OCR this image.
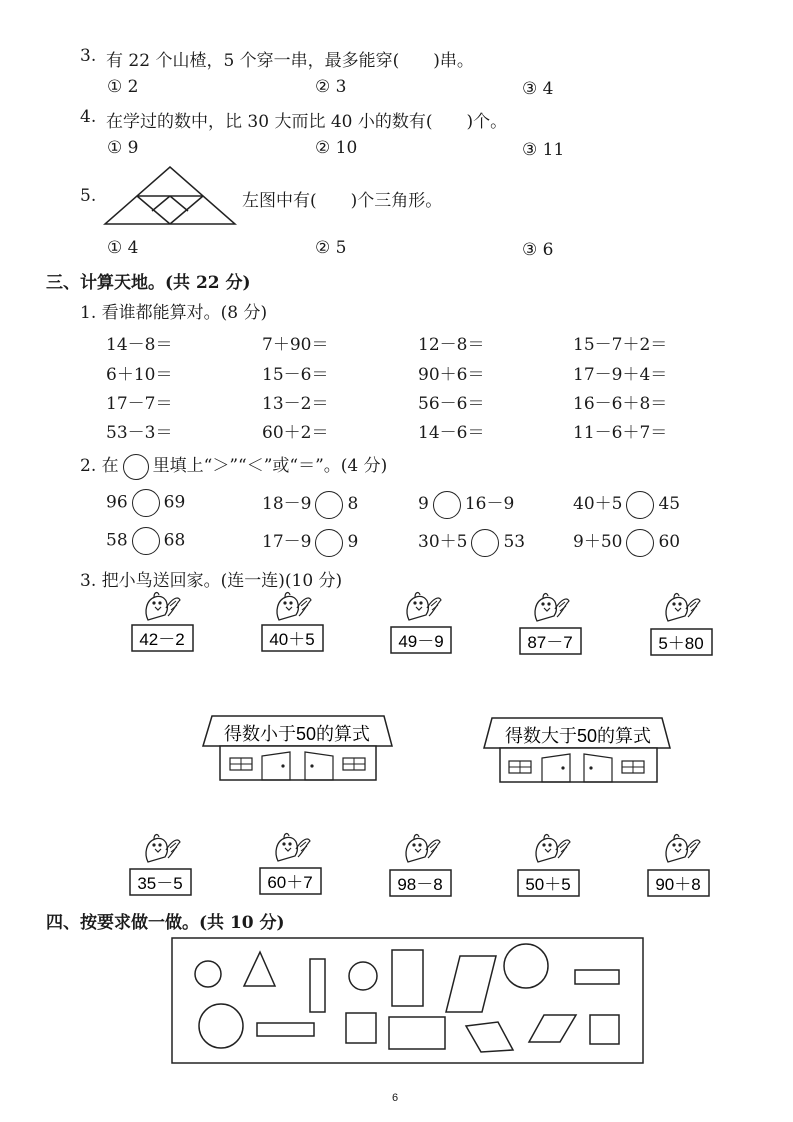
3. 有 22 个山楂，5 个穿一串，最多能穿(　　)串。
① 2	② 3	③ 4
4. 在学过的数中，比 30 大而比 40 小的数有(　　)个。
① 9	② 10	③ 11
5.	左图中有(　　)个三角形。
① 4	② 5	③ 6
三、计算天地。(共 22 分)
1. 看谁都能算对。(8 分)
14－8＝	7＋90＝	12－8＝	15－7＋2＝
6＋10＝	15－6＝	90＋6＝	17－9＋4＝
17－7＝	13－2＝	56－6＝	16－6＋8＝
53－3＝	60＋2＝	14－6＝	11－6＋7＝
2. 在 里填上“＞”“＜”或“＝”。(4 分)
96 69	18－9 8	9 16－9	40＋5 45
58 68	17－9 9	30＋5 53	9＋50 60
3. 把小鸟送回家。(连一连)(10 分)
42－2	40＋5	49－9	87－7	5＋80
得数小于50的算式	得数大于50的算式
35－5	60＋7	98－8	50＋5	90＋8
四、按要求做一做。(共 10 分)
6
